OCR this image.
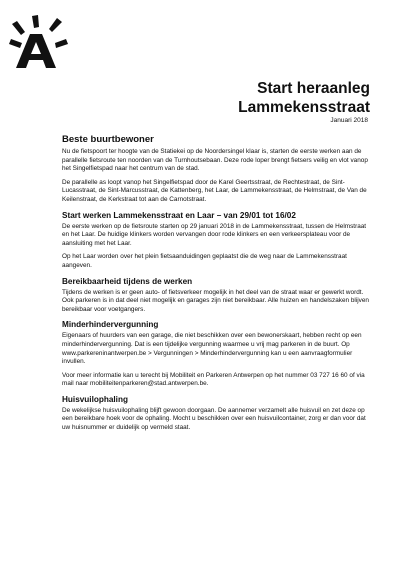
Start heraanleg
Lammekensstraat
Januari 2018
Beste buurtbewoner

Nu de fietspoort ter hoogte van de Statiekei op de Noordersingel klaar is, starten de eerste werken aan de parallelle fietsroute ten noorden van de Turnhoutsebaan. Deze rode loper brengt fietsers veilig en vlot vanop het Singelfietspad naar het centrum van de stad.

De parallelle as loopt vanop het Singelfietspad door de Karel Geertsstraat, de Rechtestraat, de Sint-Lucasstraat, de Sint-Marcusstraat, de Kattenberg, het Laar, de Lammekensstraat, de Helmstraat, de Van de Keilenstraat, de Kerkstraat tot aan de Carnotstraat.

Start werken Lammekensstraat en Laar – van 29/01 tot 16/02

De eerste werken op de fietsroute starten op 29 januari 2018 in de Lammekensstraat, tussen de Helmstraat en het Laar. De huidige klinkers worden vervangen door rode klinkers en een verkeersplateau voor de aansluiting met het Laar.

Op het Laar worden over het plein fietsaanduidingen geplaatst die de weg naar de Lammekensstraat aangeven.

Bereikbaarheid tijdens de werken

Tijdens de werken is er geen auto- of fietsverkeer mogelijk in het deel van de straat waar er gewerkt wordt. Ook parkeren is in dat deel niet mogelijk en garages zijn niet bereikbaar. Alle huizen en handelszaken blijven bereikbaar voor voetgangers.

Minderhindervergunning

Eigenaars of huurders van een garage, die niet beschikken over een bewonerskaart, hebben recht op een minderhindervergunning. Dat is een tijdelijke vergunning waarmee u vrij mag parkeren in de buurt. Op www.parkereninantwerpen.be > Vergunningen > Minderhindervergunning kan u een aanvraagformulier invullen.

Voor meer informatie kan u terecht bij Mobiliteit en Parkeren Antwerpen op het nummer 03 727 16 60 of via mail naar mobiliteitenparkeren@stad.antwerpen.be.

Huisvuilophaling

De wekelijkse huisvuilophaling blijft gewoon doorgaan. De aannemer verzamelt alle huisvuil en zet deze op een bereikbare hoek voor de ophaling. Mocht u beschikken over een huisvuilcontainer, zorg er dan voor dat uw huisnummer er duidelijk op vermeld staat.
